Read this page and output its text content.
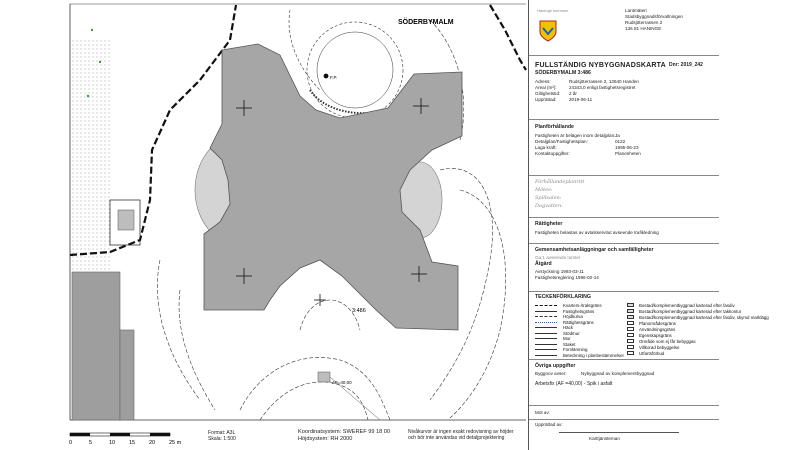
SÖDERBYMALM
3:486
F.P.
AF=40,00
0	5	10	15	20	25 m
Format: A3L
Skala: 1:500
Koordinatsystem: SWEREF 99 18 00
Höjdsystem: RH 2000
Nivåkurvor är ingen exakt redovisning av höjder
och bör inte användas vid detaljprojektering
Haninge kommun	Lantmäteri
Stadsbyggnadsförvaltningen
Rudsjöterrassen 2
136 81 HANINGE
FULLSTÄNDIG NYBYGGNADSKARTA Dnr: 2019_242
SÖDERBYMALM 3:486
Adress:	Rudsjöterrassen 2, 13640 Handen
Areal (m²):	24343,0 enligt fastighetsregistret
Giltighetstid: 2 år
Upprättad:	2019-06-11
Planförhållande
Fastigheten är belägen inom detaljplan: Ja
Detaljplan/Fastighetsplan:	0122
Laga kraft:	1995-06-23
Kontaktuppgifter:	Planenheten
Förhållandeplanritt
Mötes:
Spillsalen:
Dagvatten:
Rättigheter
Fastigheten belastas av avtalsservitut avseende trafikledning
Gemensamhetsanläggningar och samfälligheter
Ga:1 avseende tomter
Åtgärd
Avstyckning 1993-03-11
Fastighetsreglering 1996-02-14
TECKENFÖRKLARING
Kvarters-/traktgräns
Fastighetsgräns
Höjdkurva
Rättighetsgräns
Häck
Stödmur
Mur
Staket
Fornlämning
Beteckning i planbestämmelser
Bostad/komplementbyggnad karterad efter fasdiv
Bostad/komplementbyggnad karterad efter takkontur
Bostad/komplementbyggnad karterad efter fasdiv, skymd marklägg
Planområdesgräns
Användningsgräns
Egenskapsgräns
Område som ej får bebyggas
Villkorad bebyggelse
Utfartsförbud
Övriga uppgifter
Byggnov avser:	Nybyggnad av komplementbyggnad
Arbetsfix (AF =40,00) - Spik i asfalt
Mot av:
Upprättad av:
Karttjänsteman
